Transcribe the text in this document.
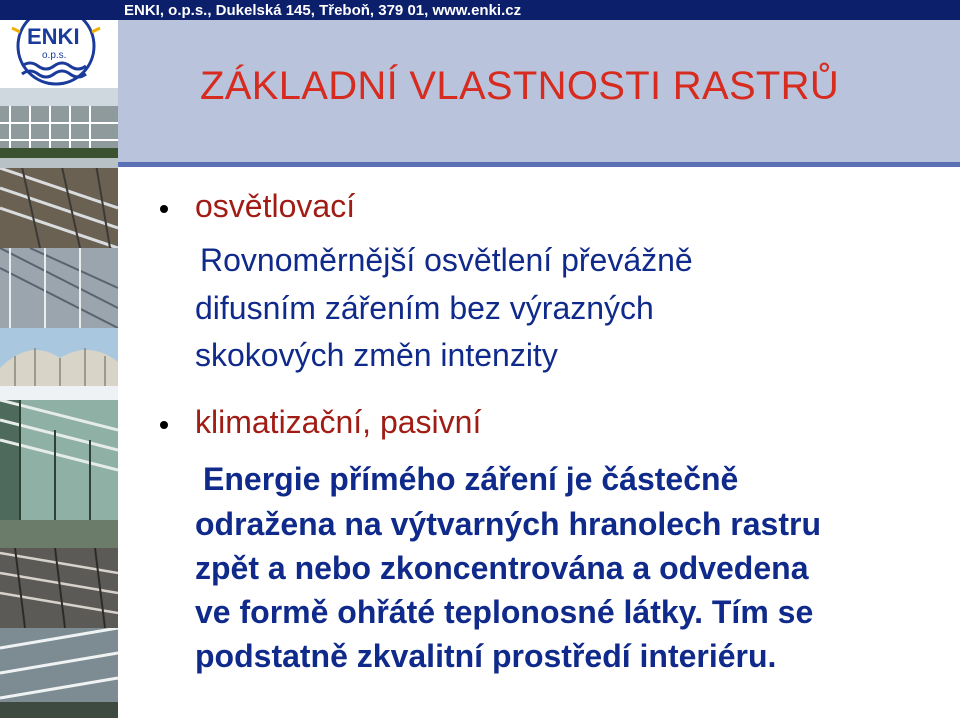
ENKI
o.p.s.
ENKI, o.p.s., Dukelská 145, Třeboň, 379 01, www.enki.cz
ZÁKLADNÍ VLASTNOSTI RASTRŮ
osvětlovací
Rovnoměrnější osvětlení převážně
difusním zářením bez výrazných
skokových změn intenzity
klimatizační, pasivní
Energie přímého záření je částečně
odražena na výtvarných hranolech rastru
zpět a nebo zkoncentrována a odvedena
ve formě ohřáté teplonosné látky. Tím se
podstatně zkvalitní prostředí interiéru.
